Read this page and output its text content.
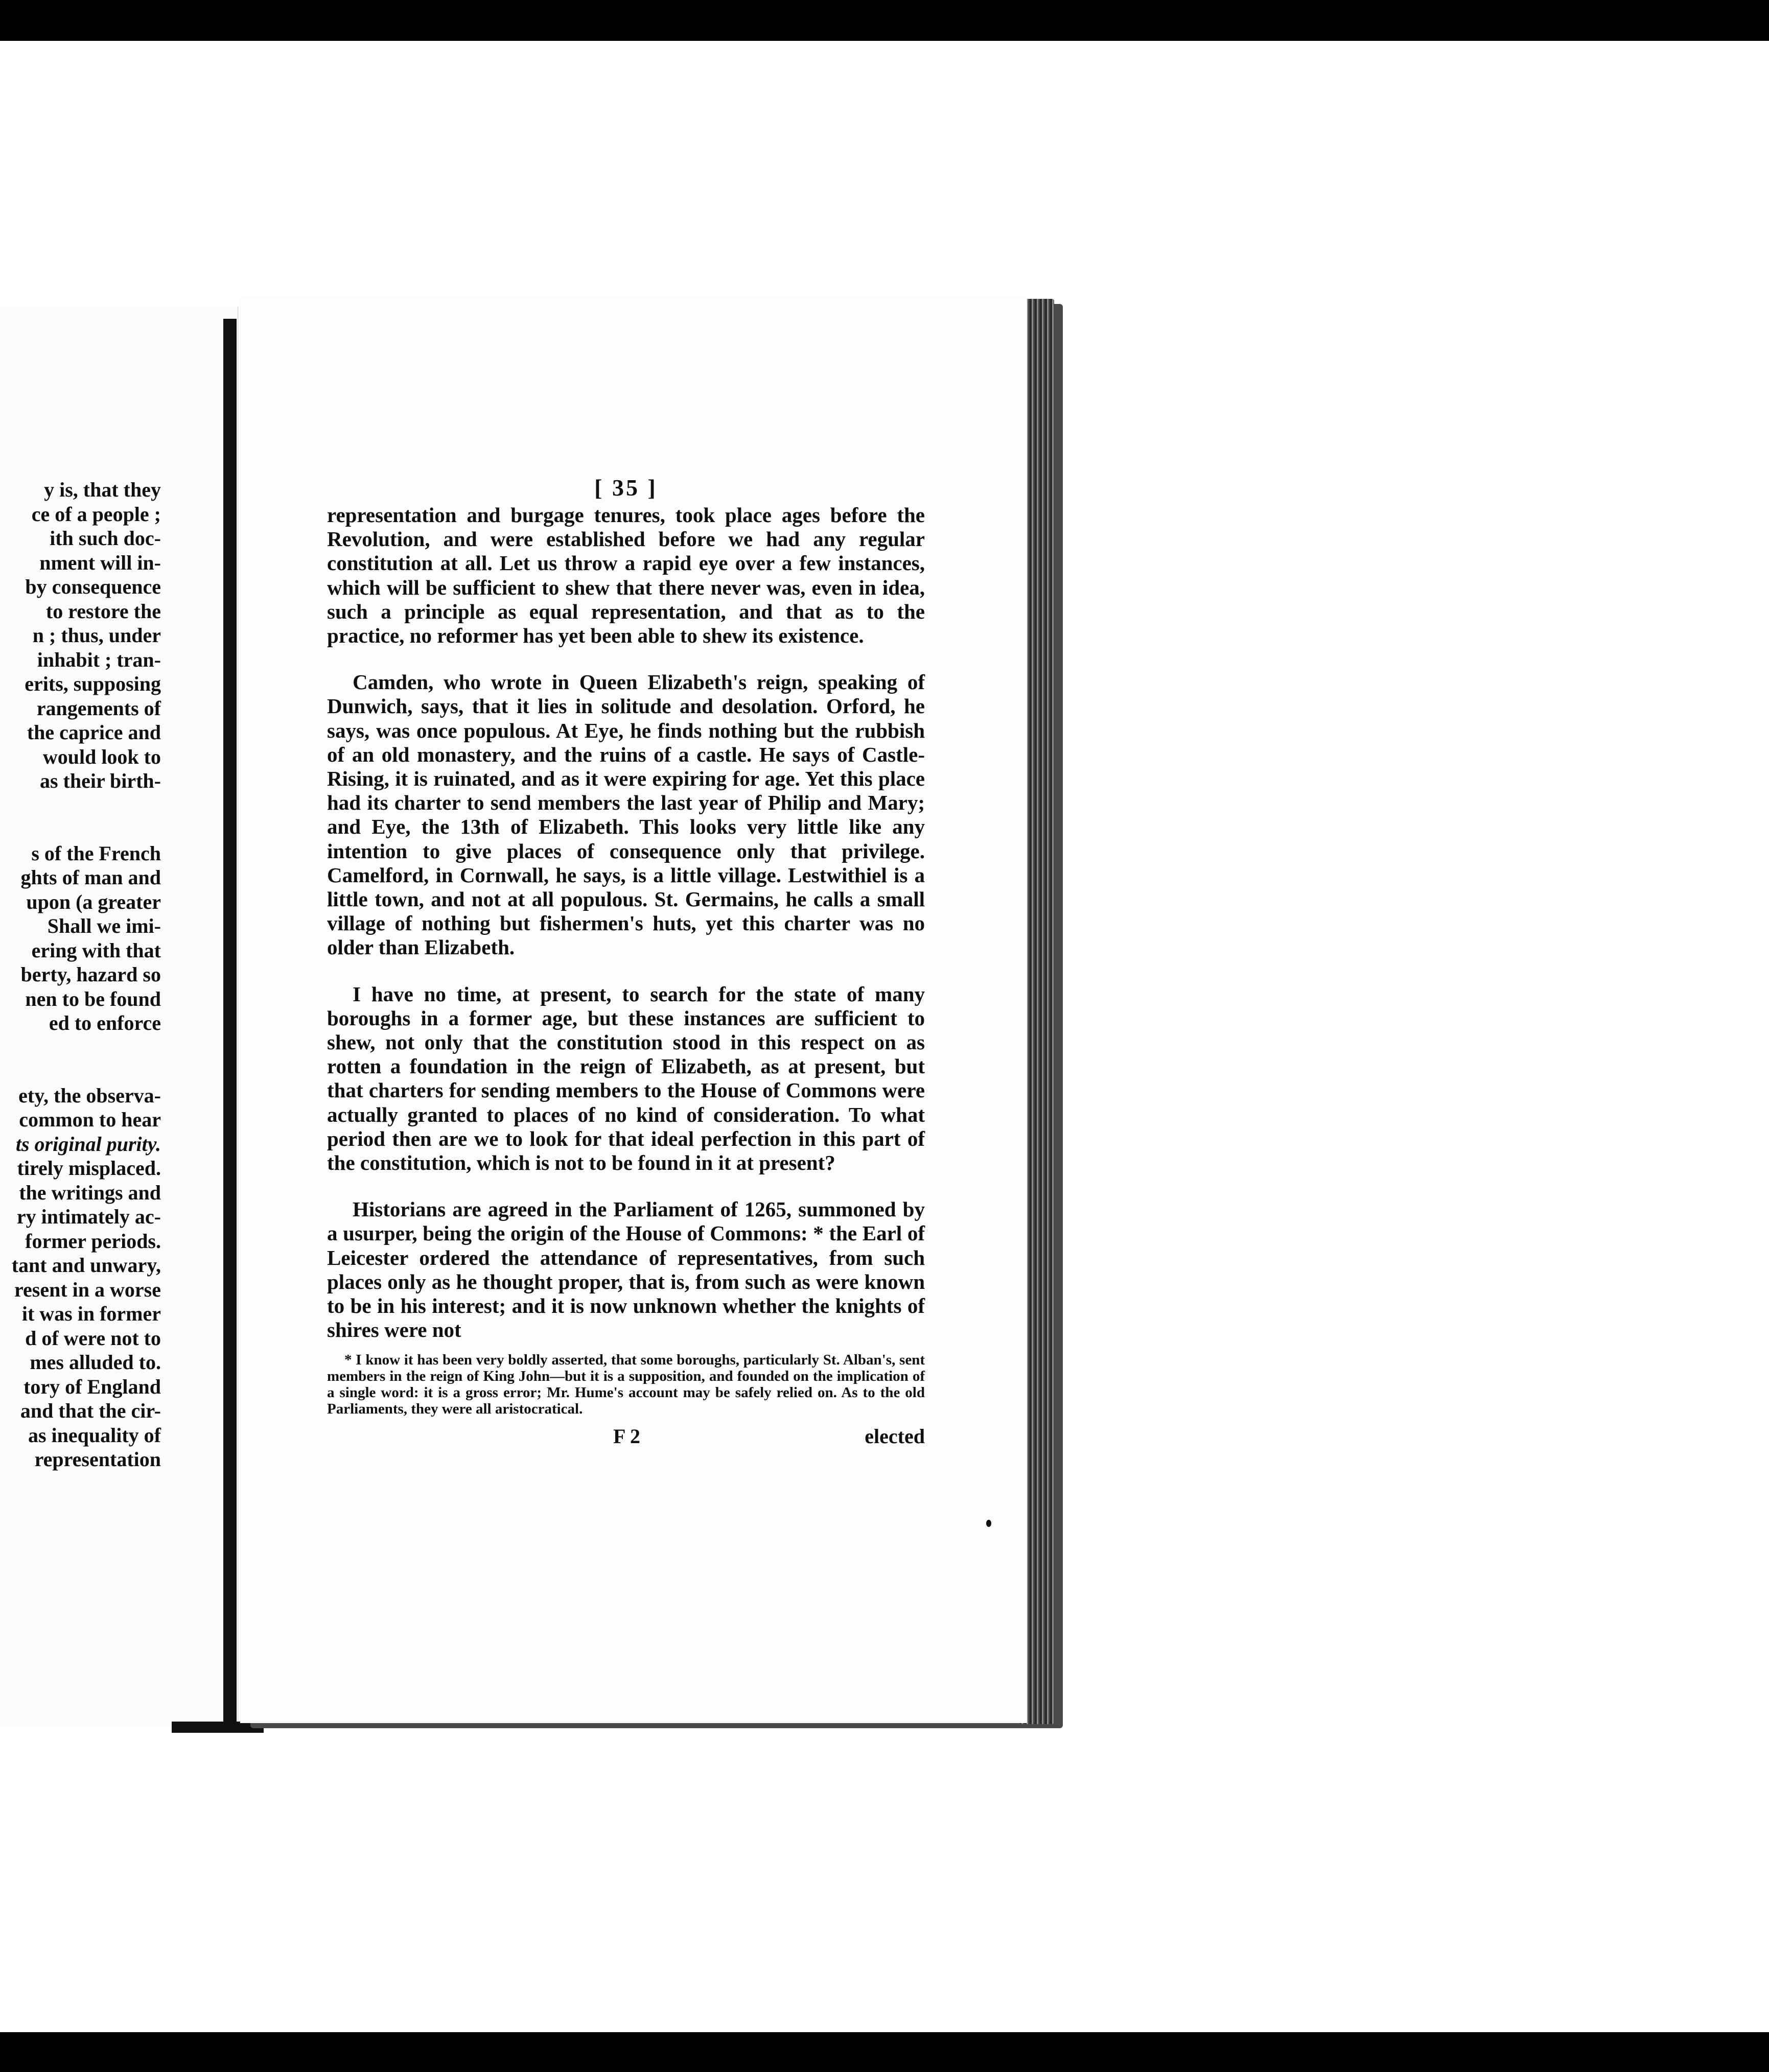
y is, that they
ce of a people ;
ith such doc-
nment will in-
by consequence
to restore the
n ; thus, under
inhabit ; tran-
erits, supposing
rangements of
the caprice and
would look to
as their birth-
s of the French
ghts of man and
upon (a greater
Shall we imi-
ering with that
berty, hazard so
nen to be found
ed to enforce
ety, the observa-
common to hear
ts original purity.
tirely misplaced.
the writings and
ry intimately ac-
former periods.
tant and unwary,
resent in a worse
it was in former
d of were not to
mes alluded to.
tory of England
and that the cir-
as inequality of
representation
[ 35 ]

representation and burgage tenures, took place ages before the Revolution, and were established before we had any regular constitution at all. Let us throw a rapid eye over a few instances, which will be sufficient to shew that there never was, even in idea, such a principle as equal representation, and that as to the practice, no reformer has yet been able to shew its existence.

Camden, who wrote in Queen Elizabeth's reign, speaking of Dunwich, says, that it lies in solitude and desolation. Orford, he says, was once populous. At Eye, he finds nothing but the rubbish of an old monastery, and the ruins of a castle. He says of Castle-Rising, it is ruinated, and as it were expiring for age. Yet this place had its charter to send members the last year of Philip and Mary; and Eye, the 13th of Elizabeth. This looks very little like any intention to give places of consequence only that privilege. Camelford, in Cornwall, he says, is a little village. Lestwithiel is a little town, and not at all populous. St. Germains, he calls a small village of nothing but fishermen's huts, yet this charter was no older than Elizabeth.

I have no time, at present, to search for the state of many boroughs in a former age, but these instances are sufficient to shew, not only that the constitution stood in this respect on as rotten a foundation in the reign of Elizabeth, as at present, but that charters for sending members to the House of Commons were actually granted to places of no kind of consideration. To what period then are we to look for that ideal perfection in this part of the constitution, which is not to be found in it at present?

Historians are agreed in the Parliament of 1265, summoned by a usurper, being the origin of the House of Commons: * the Earl of Leicester ordered the attendance of representatives, from such places only as he thought proper, that is, from such as were known to be in his interest; and it is now unknown whether the knights of shires were not

* I know it has been very boldly asserted, that some boroughs, particularly St. Alban's, sent members in the reign of King John—but it is a supposition, and founded on the implication of a single word: it is a gross error; Mr. Hume's account may be safely relied on. As to the old Parliaments, they were all aristocratical.

F 2	elected
